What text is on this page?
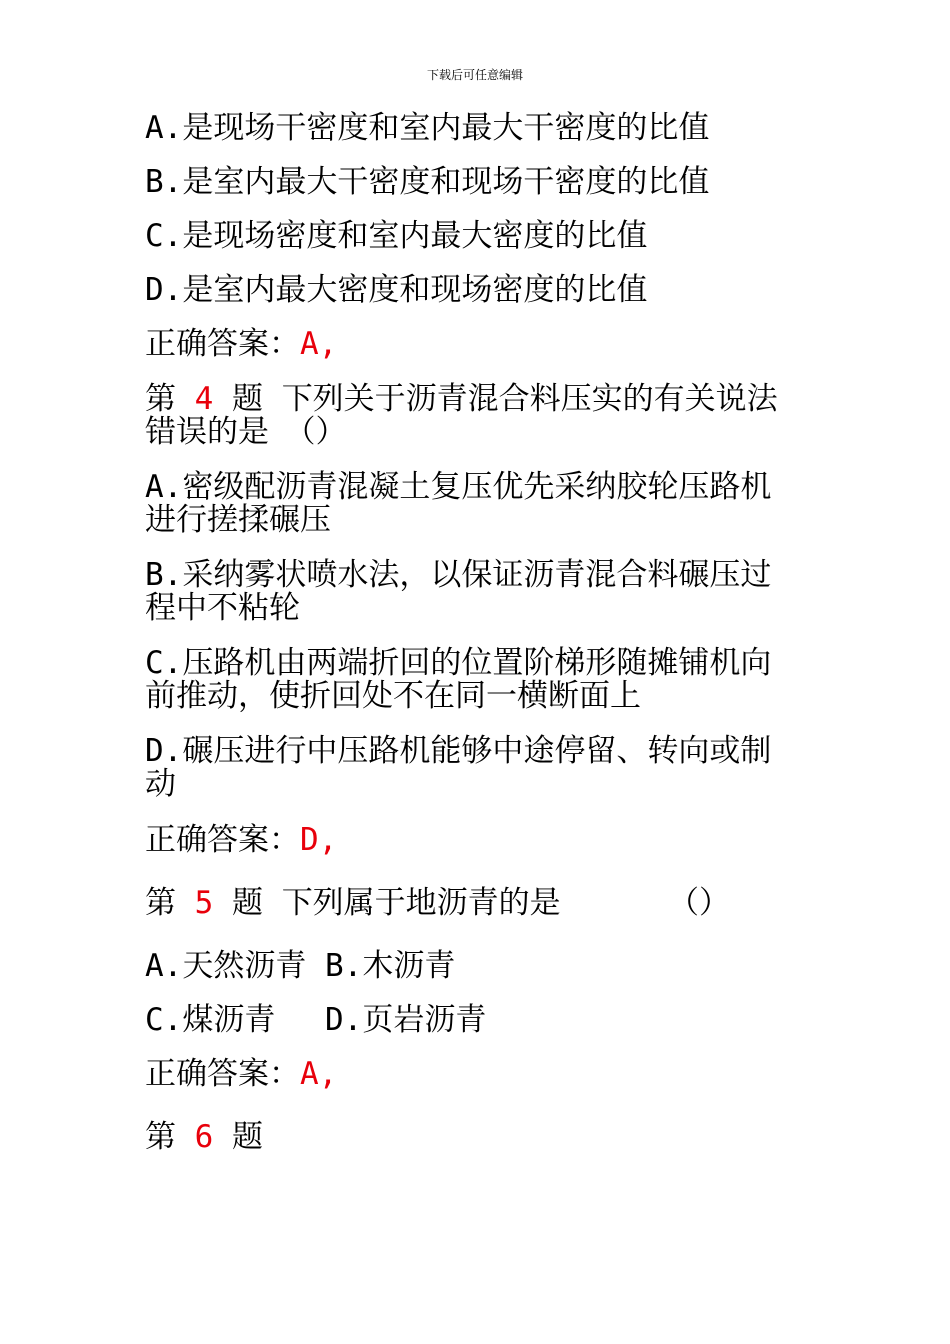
下载后可任意编辑

A.是现场干密度和室内最大干密度的比值

B.是室内最大干密度和现场干密度的比值

C.是现场密度和室内最大密度的比值

D.是室内最大密度和现场密度的比值

正确答案：A,

第 4 题 下列关于沥青混合料压实的有关说法错误的是　（）

A.密级配沥青混凝土复压优先采纳胶轮压路机进行搓揉碾压

B.采纳雾状喷水法，以保证沥青混合料碾压过程中不粘轮

C.压路机由两端折回的位置阶梯形随摊铺机向前推动，使折回处不在同一横断面上

D.碾压进行中压路机能够中途停留、转向或制动

正确答案：D,

第 5 题 下列属于地沥青的是	（）

A.天然沥青 B.木沥青

C.煤沥青　 D.页岩沥青

正确答案：A,

第 6 题
